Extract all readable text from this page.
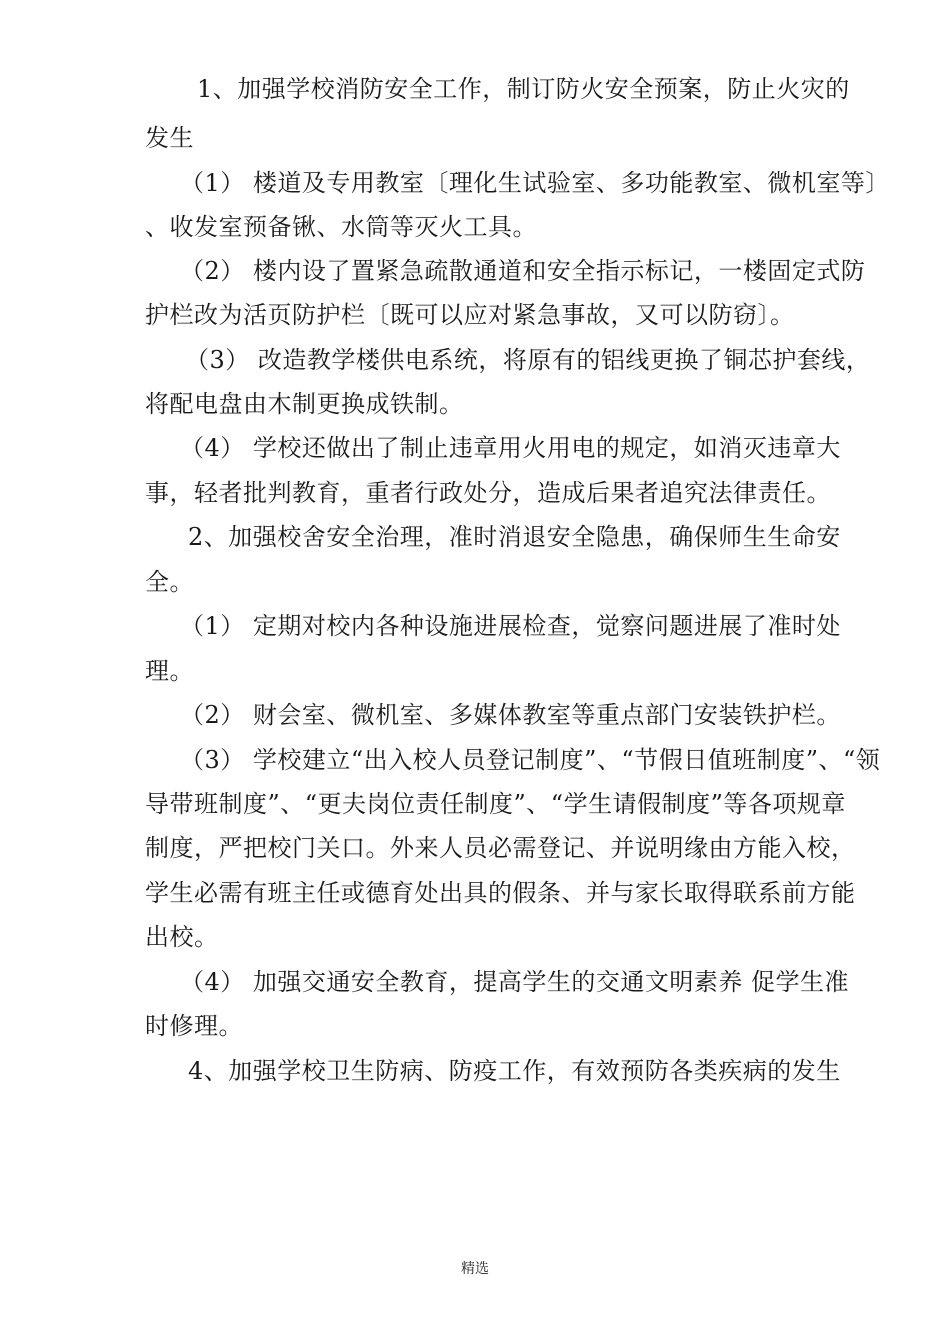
1、加强学校消防安全工作，制订防火安全预案，防止火灾的
发生
（1） 楼道及专用教室〔理化生试验室、多功能教室、微机室等〕
、收发室预备锹、水筒等灭火工具。
（2） 楼内设了置紧急疏散通道和安全指示标记，一楼固定式防
护栏改为活页防护栏〔既可以应对紧急事故，又可以防窃〕。
（3） 改造教学楼供电系统，将原有的铝线更换了铜芯护套线，
将配电盘由木制更换成铁制。
（4） 学校还做出了制止违章用火用电的规定，如消灭违章大
事，轻者批判教育，重者行政处分，造成后果者追究法律责任。
2、加强校舍安全治理，准时消退安全隐患，确保师生生命安
全。
（1） 定期对校内各种设施进展检查，觉察问题进展了准时处
理。
（2） 财会室、微机室、多媒体教室等重点部门安装铁护栏。
（3） 学校建立“出入校人员登记制度”、“节假日值班制度”、“领
导带班制度”、“更夫岗位责任制度”、“学生请假制度”等各项规章
制度，严把校门关口。外来人员必需登记、并说明缘由方能入校，
学生必需有班主任或德育处出具的假条、并与家长取得联系前方能
出校。
（4） 加强交通安全教育，提高学生的交通文明素养 促学生准
时修理。
4、加强学校卫生防病、防疫工作，有效预防各类疾病的发生
精选
